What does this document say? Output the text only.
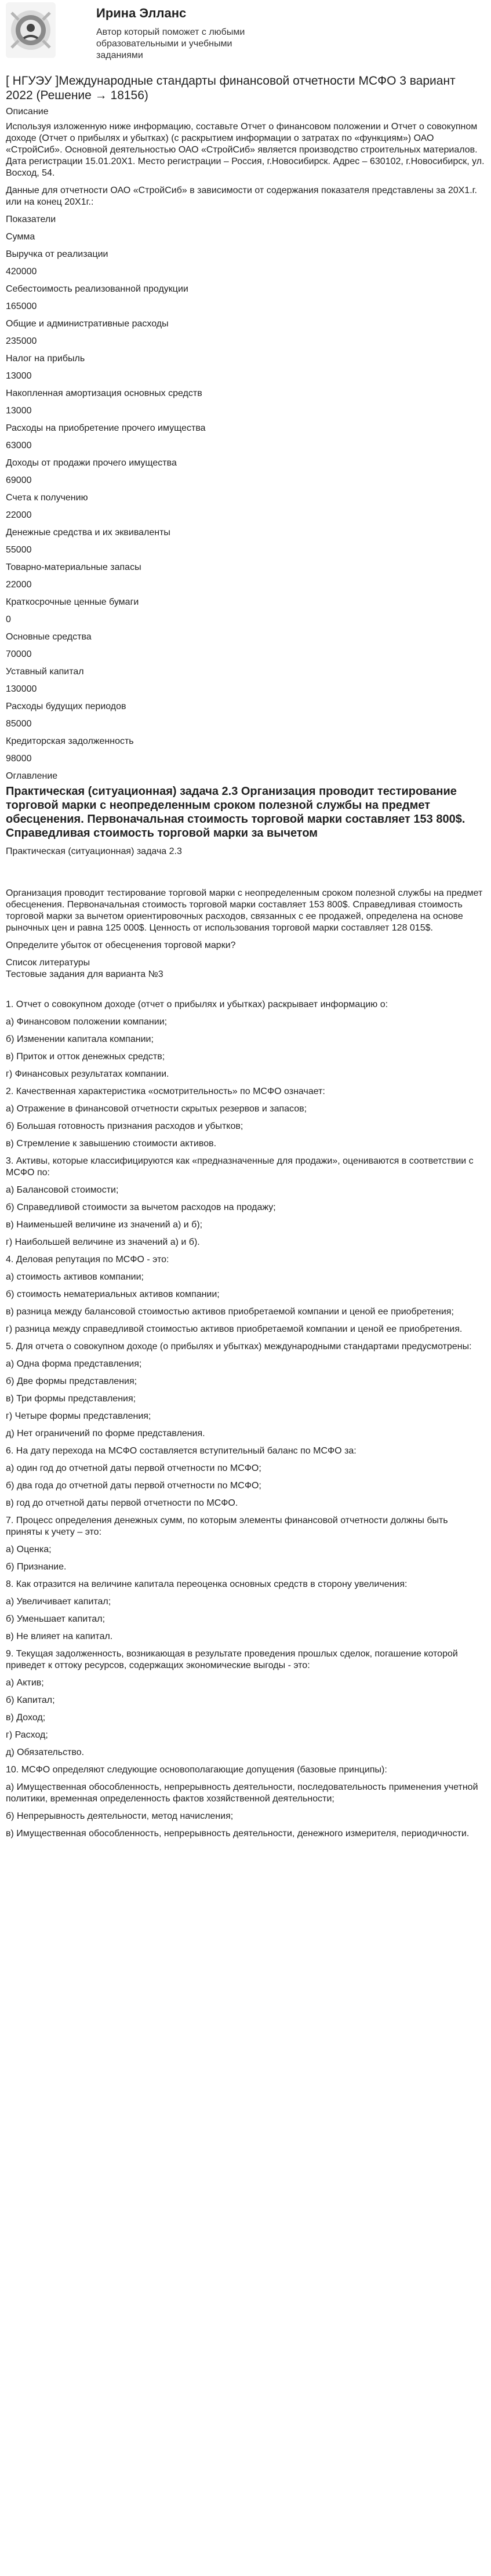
Ирина Элланс
Автор который поможет с любыми образовательными и учебными заданиями
[ НГУЭУ ]Международные стандарты финансовой отчетности МСФО 3 вариант 2022 (Решение → 18156)
Описание
Используя изложенную ниже информацию, составьте Отчет о финансовом положении и Отчет о совокупном доходе (Отчет о прибылях и убытках) (с раскрытием информации о затратах по «функциям») ОАО «СтройСиб». Основной деятельностью ОАО «СтройСиб» является производство строительных материалов. Дата регистрации 15.01.20Х1. Место регистрации – Россия, г.Новосибирск. Адрес – 630102, г.Новосибирск, ул. Восход, 54.
Данные для отчетности ОАО «СтройСиб» в зависимости от содержания показателя представлены за 20Х1.г. или на конец 20Х1г.:
Показатели
Сумма
Выручка от реализации
420000
Себестоимость реализованной продукции
165000
Общие и административные расходы
235000
Налог на прибыль
13000
Накопленная амортизация основных средств
13000
Расходы на приобретение прочего имущества
63000
Доходы от продажи прочего имущества
69000
Счета к получению
22000
Денежные средства и их эквиваленты
55000
Товарно-материальные запасы
22000
Краткосрочные ценные бумаги
0
Основные средства
70000
Уставный капитал
130000
Расходы будущих периодов
85000
Кредиторская задолженность
98000
Оглавление
Практическая (ситуационная) задача 2.3 Организация проводит тестирование торговой марки с неопределенным сроком полезной службы на предмет обесценения. Первоначальная стоимость торговой марки составляет 153 800$. Справедливая стоимость торговой марки за вычетом
Практическая (ситуационная) задача 2.3
Организация проводит тестирование торговой марки с неопределенным сроком полезной службы на предмет обесценения. Первоначальная стоимость торговой марки составляет 153 800$. Справедливая стоимость торговой марки за вычетом ориентировочных расходов, связанных с ее продажей, определена на основе рыночных цен и равна 125 000$. Ценность от использования торговой марки составляет 128 015$.
Определите убыток от обесценения торговой марки?
Список литературы
Тестовые задания для варианта №3
1. Отчет о совокупном доходе (отчет о прибылях и убытках) раскрывает информацию о:
а) Финансовом положении компании;
б) Изменении капитала компании;
в) Приток и отток денежных средств;
г) Финансовых результатах компании.
2. Качественная характеристика «осмотрительность» по МСФО означает:
а) Отражение в финансовой отчетности скрытых резервов и запасов;
б) Большая готовность признания расходов и убытков;
в) Стремление к завышению стоимости активов.
3. Активы, которые классифицируются как «предназначенные для продажи», оцениваются в соответствии с МСФО по:
а) Балансовой стоимости;
б) Справедливой стоимости за вычетом расходов на продажу;
в) Наименьшей величине из значений а) и б);
г) Наибольшей величине из значений а) и б).
4. Деловая репутация по МСФО - это:
а) стоимость активов компании;
б) стоимость нематериальных активов компании;
в) разница между балансовой стоимостью активов приобретаемой компании и ценой ее приобретения;
г) разница между справедливой стоимостью активов приобретаемой компании и ценой ее приобретения.
5. Для отчета о совокупном доходе (о прибылях и убытках) международными стандартами предусмотрены:
а) Одна форма представления;
б) Две формы представления;
в) Три формы представления;
г) Четыре формы представления;
д) Нет ограничений по форме представления.
6. На дату перехода на МСФО составляется вступительный баланс по МСФО за:
а) один год до отчетной даты первой отчетности по МСФО;
б) два года до отчетной даты первой отчетности по МСФО;
в) год до отчетной даты первой отчетности по МСФО.
7. Процесс определения денежных сумм, по которым элементы финансовой отчетности должны быть приняты к учету – это:
а) Оценка;
б) Признание.
8. Как отразится на величине капитала переоценка основных средств в сторону увеличения:
а) Увеличивает капитал;
б) Уменьшает капитал;
в) Не влияет на капитал.
9. Текущая задолженность, возникающая в результате проведения прошлых сделок, погашение которой приведет к оттоку ресурсов, содержащих экономические выгоды - это:
а) Актив;
б) Капитал;
в) Доход;
г) Расход;
д) Обязательство.
10. МСФО определяют следующие основополагающие допущения (базовые принципы):
а) Имущественная обособленность, непрерывность деятельности, последовательность применения учетной политики, временная определенность фактов хозяйственной деятельности;
б) Непрерывность деятельности, метод начисления;
в) Имущественная обособленность, непрерывность деятельности, денежного измерителя, периодичности.
